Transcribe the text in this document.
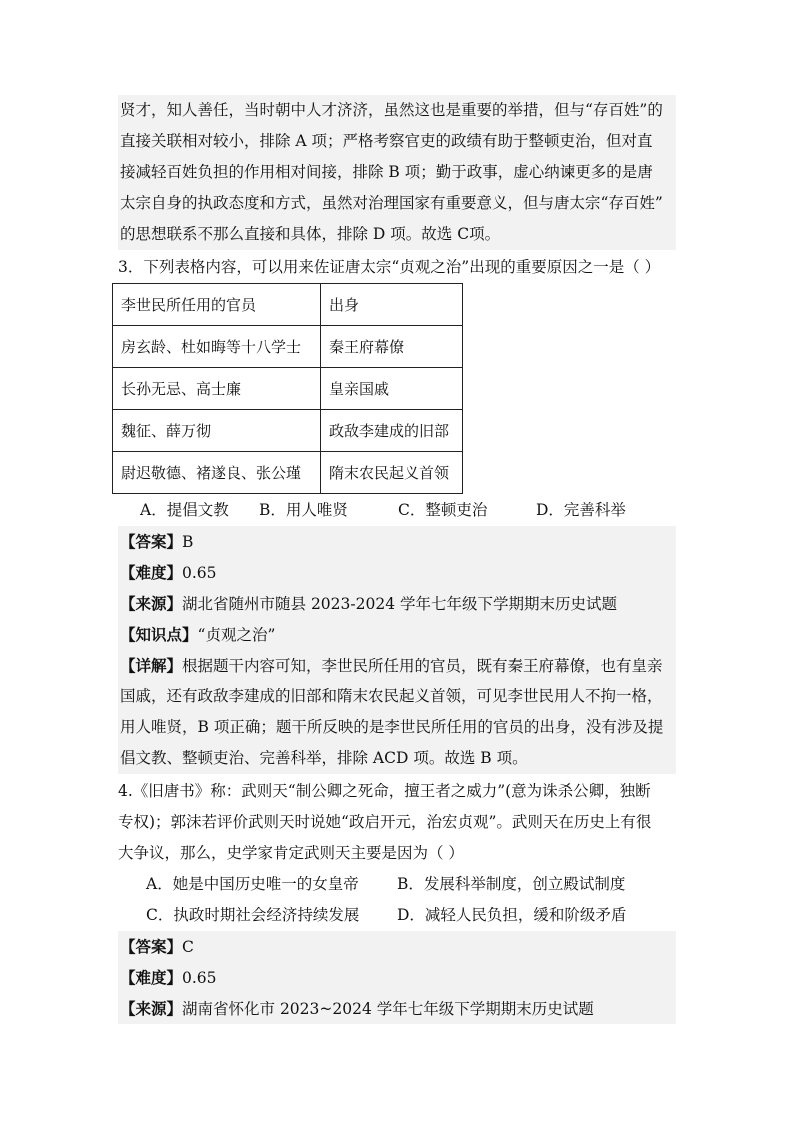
贤才，知人善任，当时朝中人才济济，虽然这也是重要的举措，但与“存百姓”的
直接关联相对较小，排除 A 项；严格考察官吏的政绩有助于整顿吏治，但对直
接减轻百姓负担的作用相对间接，排除 B 项；勤于政事，虚心纳谏更多的是唐
太宗自身的执政态度和方式，虽然对治理国家有重要意义，但与唐太宗“存百姓”
的思想联系不那么直接和具体，排除 D 项。故选 C项。
3．下列表格内容，可以用来佐证唐太宗“贞观之治”出现的重要原因之一是（ ）
李世民所任用的官员	出身
房玄龄、杜如晦等十八学士	秦王府幕僚
长孙无忌、高士廉	皇亲国戚
魏征、薛万彻	政敌李建成的旧部
尉迟敬德、褚遂良、张公瑾	隋末农民起义首领
A．提倡文教 B．用人唯贤	C．整顿吏治	D．完善科举
【答案】B
【难度】0.65
【来源】湖北省随州市随县 2023-2024 学年七年级下学期期末历史试题
【知识点】“贞观之治”
【详解】根据题干内容可知，李世民所任用的官员，既有秦王府幕僚，也有皇亲
国戚，还有政敌李建成的旧部和隋末农民起义首领，可见李世民用人不拘一格，
用人唯贤，B 项正确；题干所反映的是李世民所任用的官员的出身，没有涉及提
倡文教、整顿吏治、完善科举，排除 ACD 项。故选 B 项。
4.《旧唐书》称：武则天“制公卿之死命，擅王者之威力”(意为诛杀公卿，独断
专权)；郭沫若评价武则天时说她“政启开元，治宏贞观”。武则天在历史上有很
大争议，那么，史学家肯定武则天主要是因为（ ）
A．她是中国历史唯一的女皇帝 B．发展科举制度，创立殿试制度
C．执政时期社会经济持续发展 D．减轻人民负担，缓和阶级矛盾
【答案】C
【难度】0.65
【来源】湖南省怀化市 2023~2024 学年七年级下学期期末历史试题
